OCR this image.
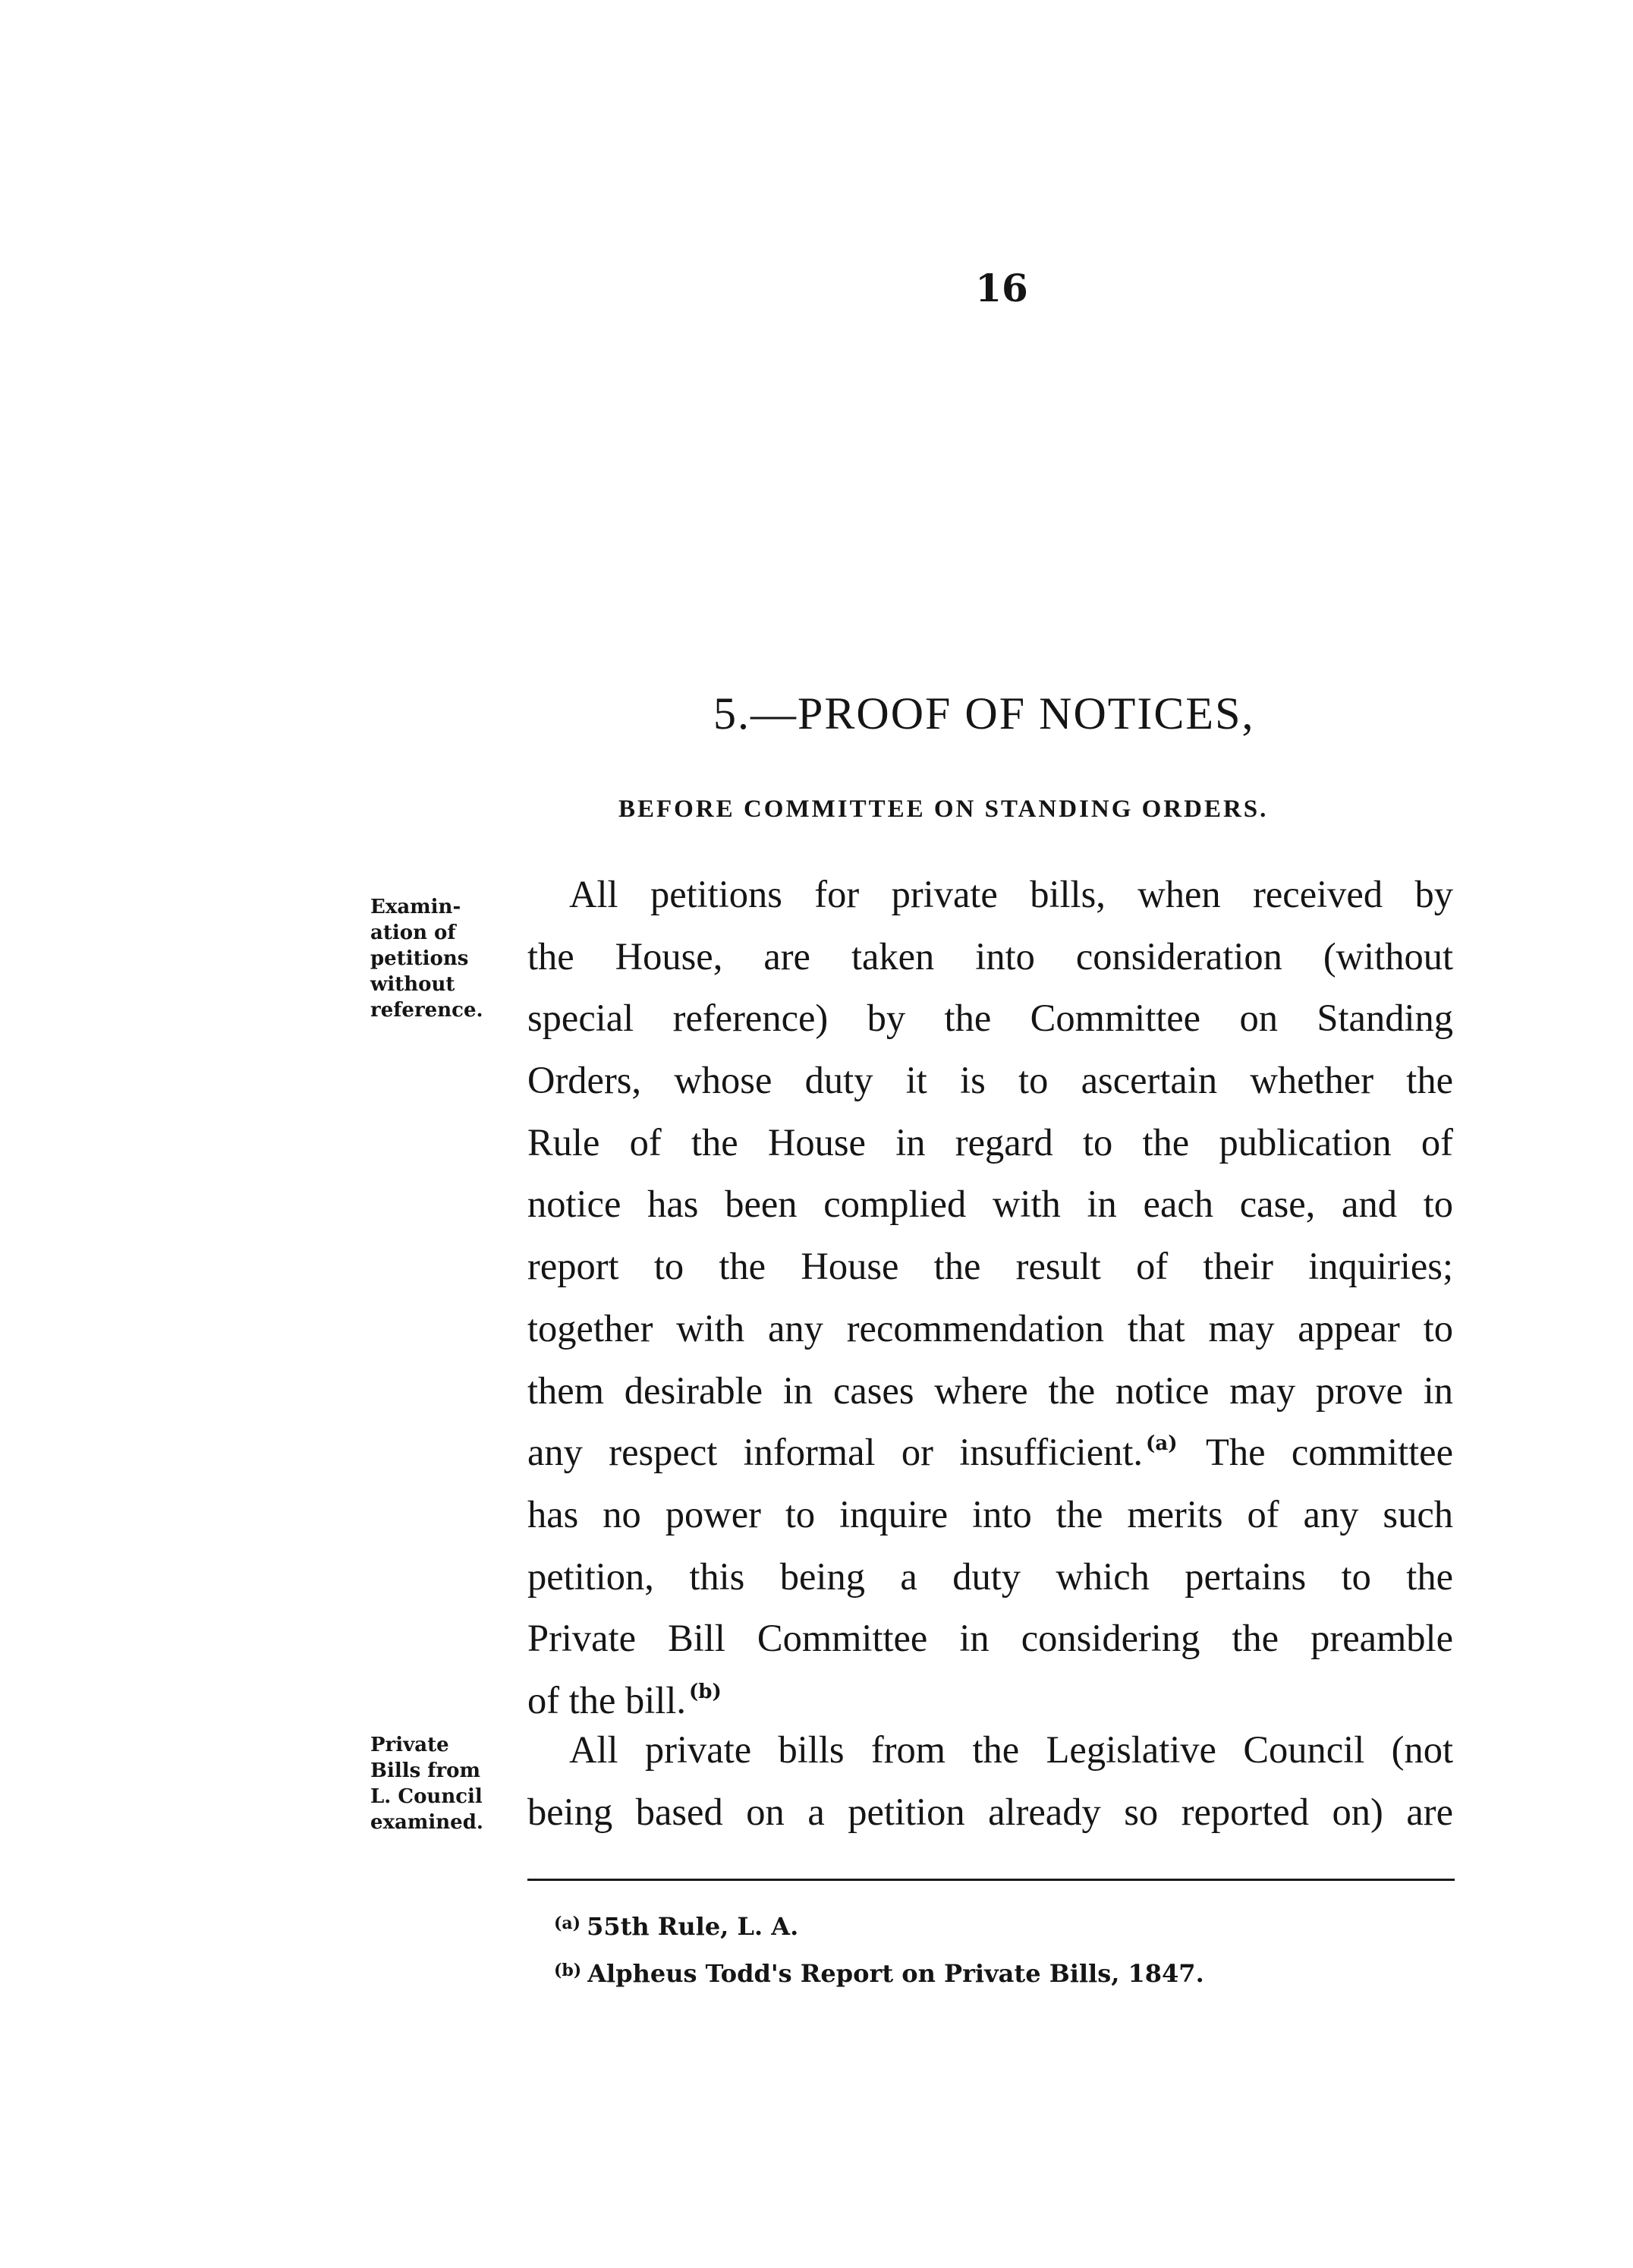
16
5.—PROOF OF NOTICES,
BEFORE COMMITTEE ON STANDING ORDERS.
Examin-
ation of
petitions
without
reference.
All petitions for private bills, when received by
the House, are taken into consideration (without
special reference) by the Committee on Standing
Orders, whose duty it is to ascertain whether the
Rule of the House in regard to the publication of
notice has been complied with in each case, and to
report to the House the result of their inquiries;
together with any recommendation that may appear to
them desirable in cases where the notice may prove in
any respect informal or insufficient. $^{(a)}$ The committee
has no power to inquire into the merits of any such
petition, this being a duty which pertains to the
Private Bill Committee in considering the preamble
of the bill. $^{(b)}$
Private
Bills from
L. Council
examined.
All private bills from the Legislative Council (not
being based on a petition already so reported on) are
$^{(a)}$ 55th Rule, L. A.
$^{(b)}$ Alpheus Todd's Report on Private Bills, 1847.
